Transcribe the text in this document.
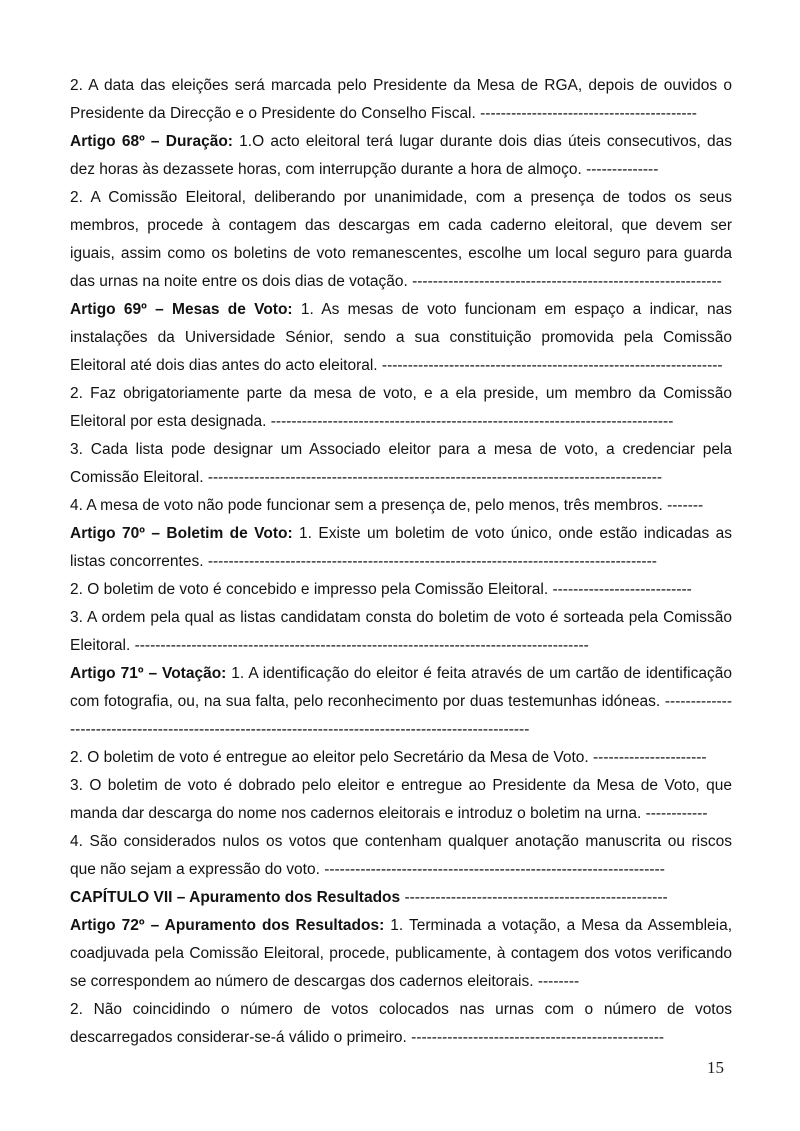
2. A data das eleições será marcada pelo Presidente da Mesa de RGA, depois de ouvidos o Presidente da Direcção e o Presidente do Conselho Fiscal. ------------------------------------------

Artigo 68º – Duração: 1.O acto eleitoral terá lugar durante dois dias úteis consecutivos, das dez horas às dezassete horas, com interrupção durante a hora de almoço. --------------

2. A Comissão Eleitoral, deliberando por unanimidade, com a presença de todos os seus membros, procede à contagem das descargas em cada caderno eleitoral, que devem ser iguais, assim como os boletins de voto remanescentes, escolhe um local seguro para guarda das urnas na noite entre os dois dias de votação. ------------------------------------------------------------

Artigo 69º – Mesas de Voto: 1. As mesas de voto funcionam em espaço a indicar, nas instalações da Universidade Sénior, sendo a sua constituição promovida pela Comissão Eleitoral até dois dias antes do acto eleitoral. ------------------------------------------------------------------

2. Faz obrigatoriamente parte da mesa de voto, e a ela preside, um membro da Comissão Eleitoral por esta designada. ------------------------------------------------------------------------------

3. Cada lista pode designar um Associado eleitor para a mesa de voto, a credenciar pela Comissão Eleitoral. ----------------------------------------------------------------------------------------

4. A mesa de voto não pode funcionar sem a presença de, pelo menos, três membros. -------

Artigo 70º – Boletim de Voto: 1. Existe um boletim de voto único, onde estão indicadas as listas concorrentes. ---------------------------------------------------------------------------------------

2. O boletim de voto é concebido e impresso pela Comissão Eleitoral. ---------------------------

3. A ordem pela qual as listas candidatam consta do boletim de voto é sorteada pela Comissão Eleitoral. ----------------------------------------------------------------------------------------

Artigo 71º – Votação: 1. A identificação do eleitor é feita através de um cartão de identificação com fotografia, ou, na sua falta, pelo reconhecimento por duas testemunhas idóneas. ------------------------------------------------------------------------------------------------------

2. O boletim de voto é entregue ao eleitor pelo Secretário da Mesa de Voto. ----------------------

3. O boletim de voto é dobrado pelo eleitor e entregue ao Presidente da Mesa de Voto, que manda dar descarga do nome nos cadernos eleitorais e introduz o boletim na urna. ------------

4. São considerados nulos os votos que contenham qualquer anotação manuscrita ou riscos que não sejam a expressão do voto. ------------------------------------------------------------------

CAPÍTULO VII – Apuramento dos Resultados ---------------------------------------------------

Artigo 72º – Apuramento dos Resultados: 1. Terminada a votação, a Mesa da Assembleia, coadjuvada pela Comissão Eleitoral, procede, publicamente, à contagem dos votos verificando se correspondem ao número de descargas dos cadernos eleitorais. --------

2. Não coincidindo o número de votos colocados nas urnas com o número de votos descarregados considerar-se-á válido o primeiro. -------------------------------------------------

15
